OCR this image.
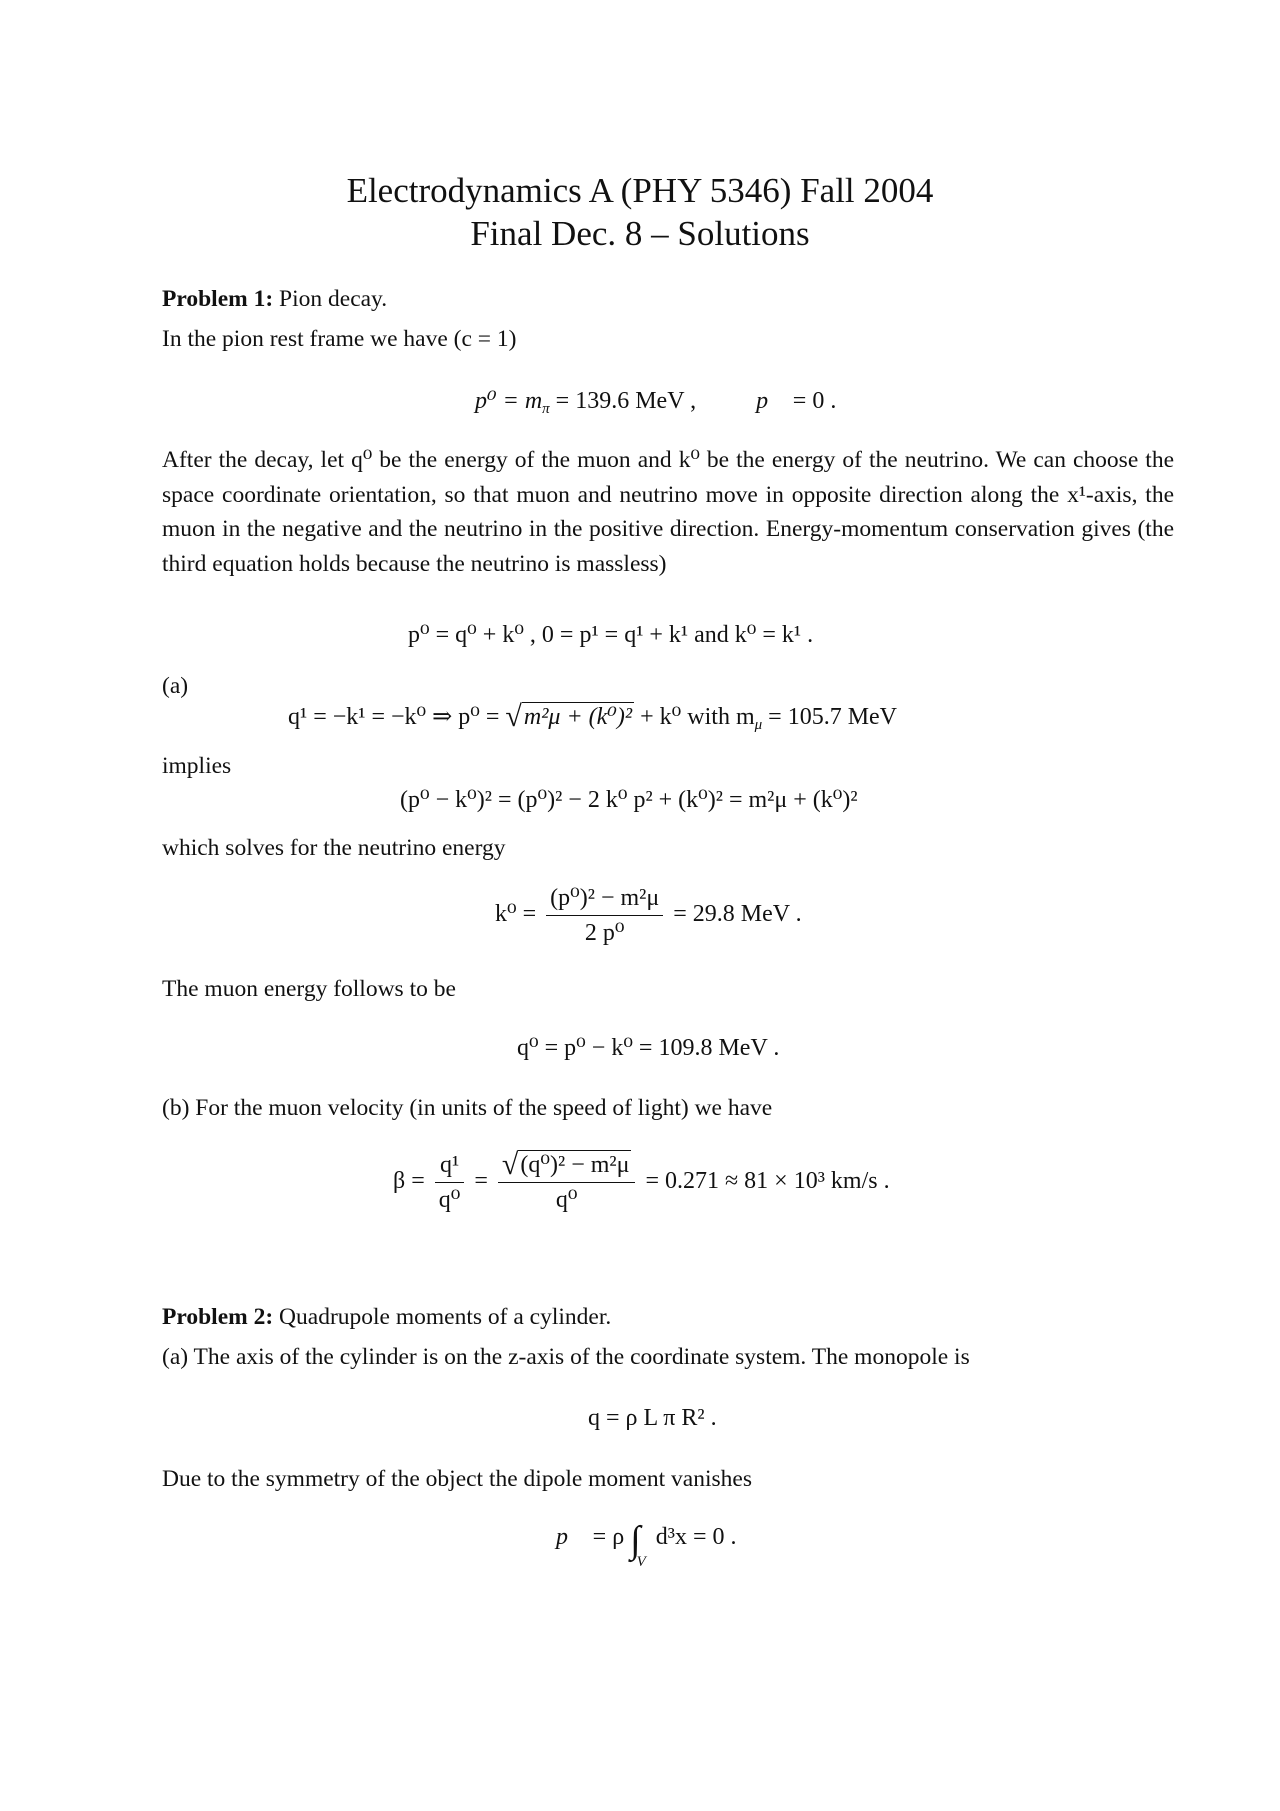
Electrodynamics A (PHY 5346) Fall 2004
Final Dec. 8 – Solutions
Problem 1: Pion decay.
In the pion rest frame we have (c = 1)
$p^0 = m_\pi = 139.6$ MeV ,	p⃗ = 0 .
After the decay, let q⁰ be the energy of the muon and k⁰ be the energy of the neutrino. We can choose the space coordinate orientation, so that muon and neutrino move in opposite direction along the x¹-axis, the muon in the negative and the neutrino in the positive direction. Energy-momentum conservation gives (the third equation holds because the neutrino is massless)
p⁰ = q⁰ + k⁰ , 0 = p¹ = q¹ + k¹ and k⁰ = k¹ .
(a)
q¹ = −k¹ = −k⁰ ⇒ p⁰ = √m²μ + (k⁰)² + k⁰ with $m_\mu = 105.7$ MeV
implies
(p⁰ − k⁰)² = (p⁰)² − 2 k⁰ p² + (k⁰)² = m²μ + (k⁰)²
which solves for the neutrino energy
$k^0 = \frac{\text{(p⁰)² − m²μ}}{\text{2 p⁰}} = 29.8$ MeV .
The muon energy follows to be
q⁰ = p⁰ − k⁰ = 109.8 MeV .
(b) For the muon velocity (in units of the speed of light) we have
$\beta = \frac{\text{q¹}}{\text{q⁰}} = \frac{\text{√(q⁰)² − m²μ}}{\text{q⁰}} = 0.271 \approx 81 \times 10^3$ km/s .
Problem 2: Quadrupole moments of a cylinder.
(a) The axis of the cylinder is on the z-axis of the coordinate system. The monopole is
q = ρ L π R² .
Due to the symmetry of the object the dipole moment vanishes
p⃗ = ρ $\int_V$ d³x = 0 .
